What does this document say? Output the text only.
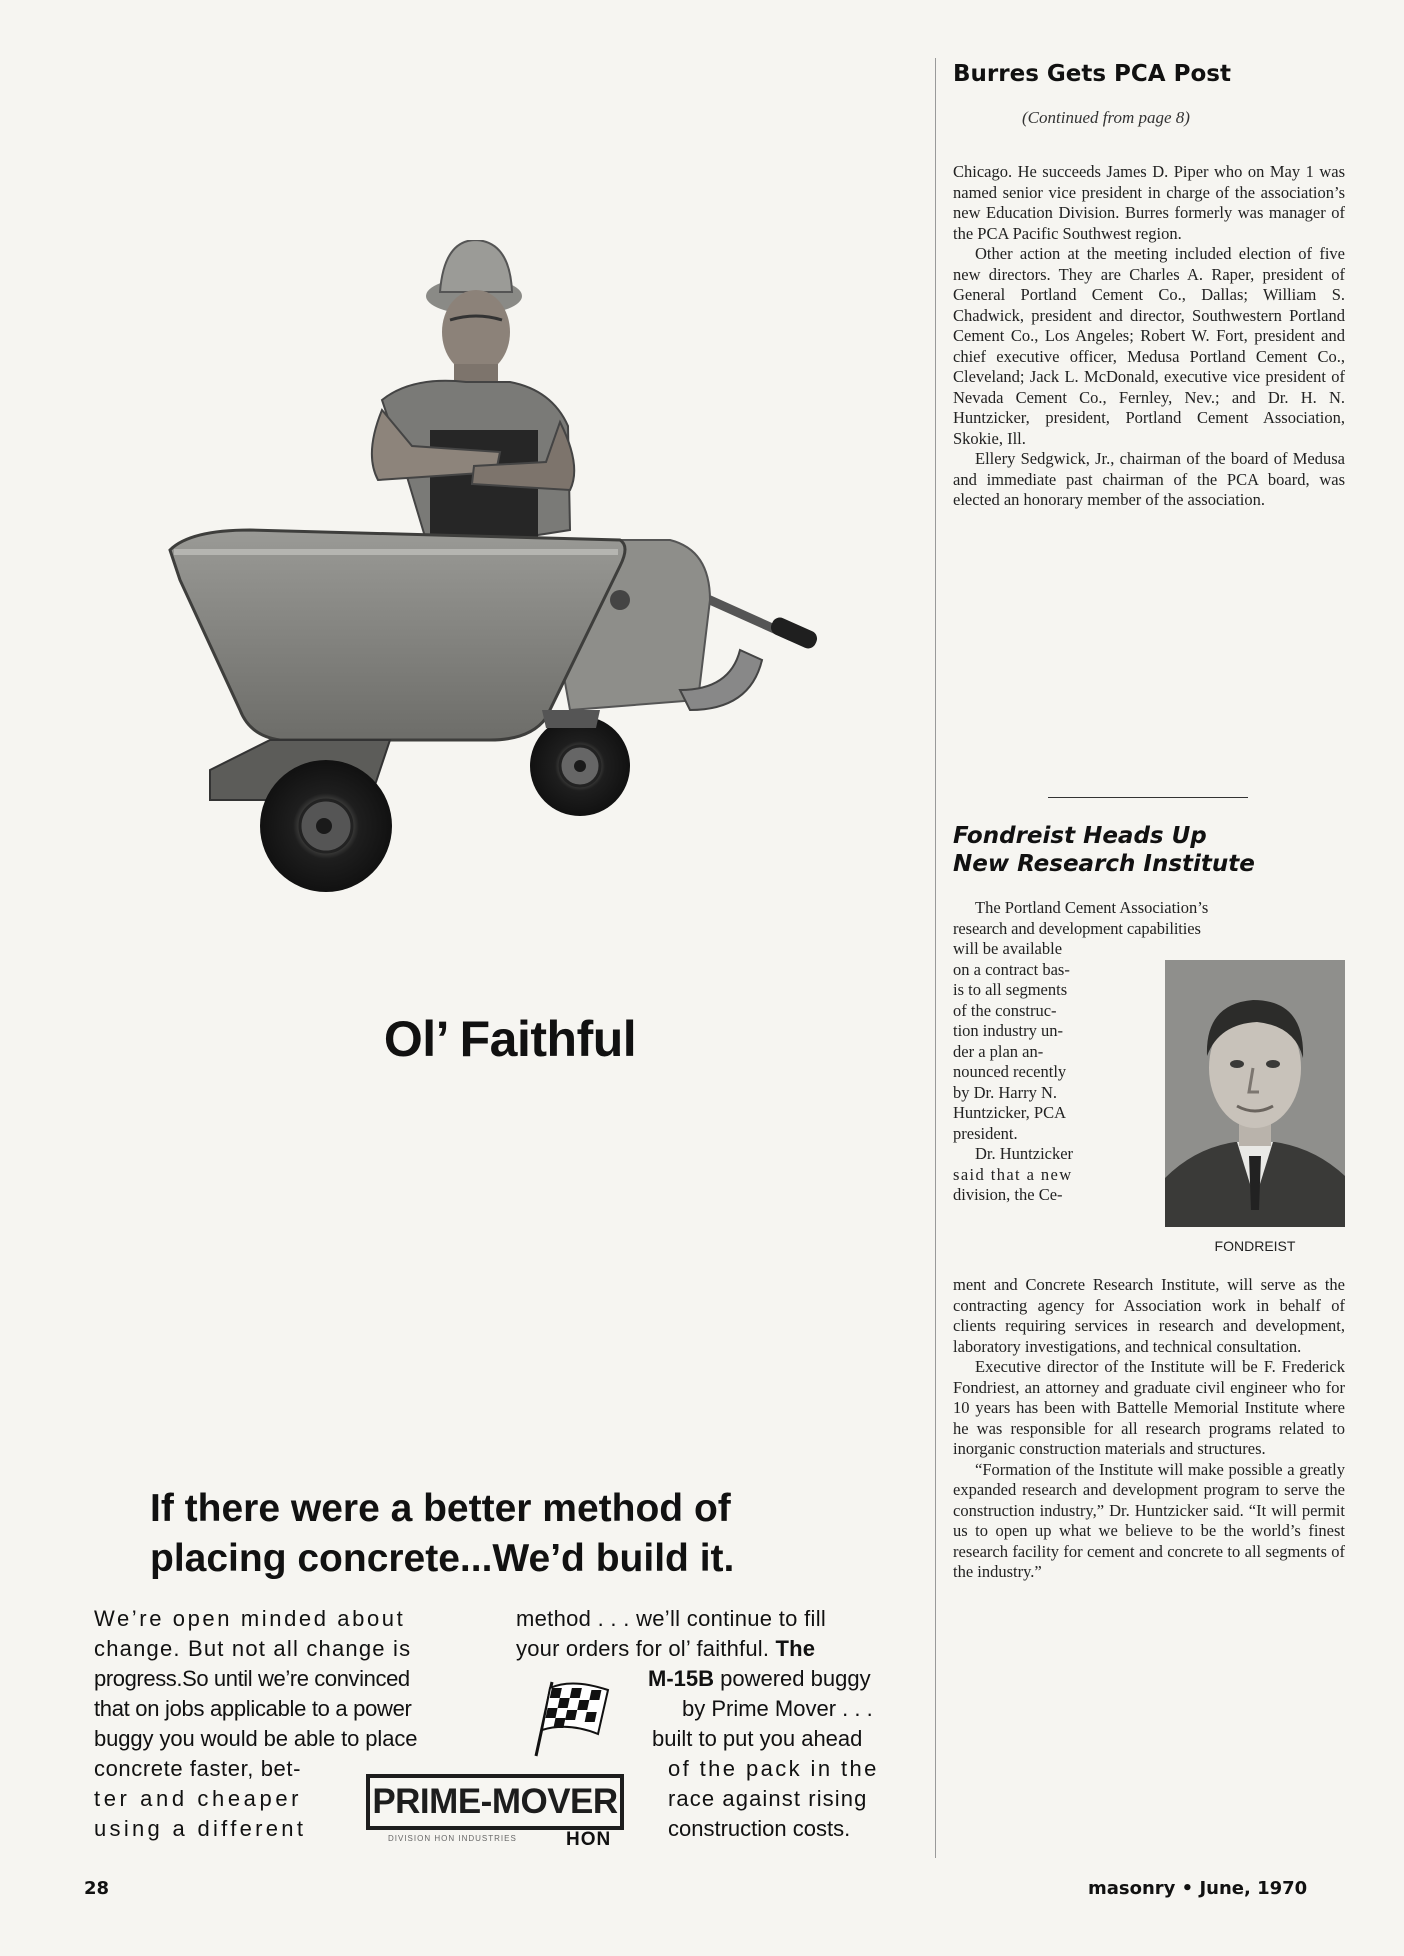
Ol’ Faithful
If there were a better method of
placing concrete...We’d build it.
We’re open minded about
change. But not all change is
progress.So until we’re convinced
that on jobs applicable to a power
buggy you would be able to place
concrete faster, bet-
ter and cheaper
using a different
method . . . we’ll continue to fill
your orders for ol’ faithful. The
M-15B powered buggy
by Prime Mover . . .
built to put you ahead
of the pack in the
race against rising
construction costs.
PRIME-MOVER
DIVISION HON INDUSTRIES	HON
Burres Gets PCA Post
(Continued from page 8)

Chicago. He succeeds James D. Piper who on May 1 was named senior vice president in charge of the association’s new Education Division. Burres formerly was manager of the PCA Pacific Southwest region.

Other action at the meeting included election of five new directors. They are Charles A. Raper, president of General Portland Cement Co., Dallas; William S. Chadwick, president and director, Southwestern Portland Cement Co., Los Angeles; Robert W. Fort, president and chief executive officer, Medusa Portland Cement Co., Cleveland; Jack L. McDonald, executive vice president of Nevada Cement Co., Fernley, Nev.; and Dr. H. N. Huntzicker, president, Portland Cement Association, Skokie, Ill.

Ellery Sedgwick, Jr., chairman of the board of Medusa and immediate past chairman of the PCA board, was elected an honorary member of the association.

Fondreist Heads Up
New Research Institute

The Portland Cement Association’s

research and development capabilities

will be available
on a contract bas-
is to all segments
of the construc-
tion industry un-
der a plan an-
nounced recently
by Dr. Harry N.
Huntzicker, PCA
president.
Dr. Huntzicker
said that a new
division, the Ce-
FONDREIST

ment and Concrete Research Institute, will serve as the contracting agency for Association work in behalf of clients requiring services in research and development, laboratory investigations, and technical consultation.

Executive director of the Institute will be F. Frederick Fondriest, an attorney and graduate civil engineer who for 10 years has been with Battelle Memorial Institute where he was responsible for all research programs related to inorganic construction materials and structures.

“Formation of the Institute will make possible a greatly expanded research and development program to serve the construction industry,” Dr. Huntzicker said. “It will permit us to open up what we believe to be the world’s finest research facility for cement and concrete to all segments of the industry.”

28	masonry • June, 1970
